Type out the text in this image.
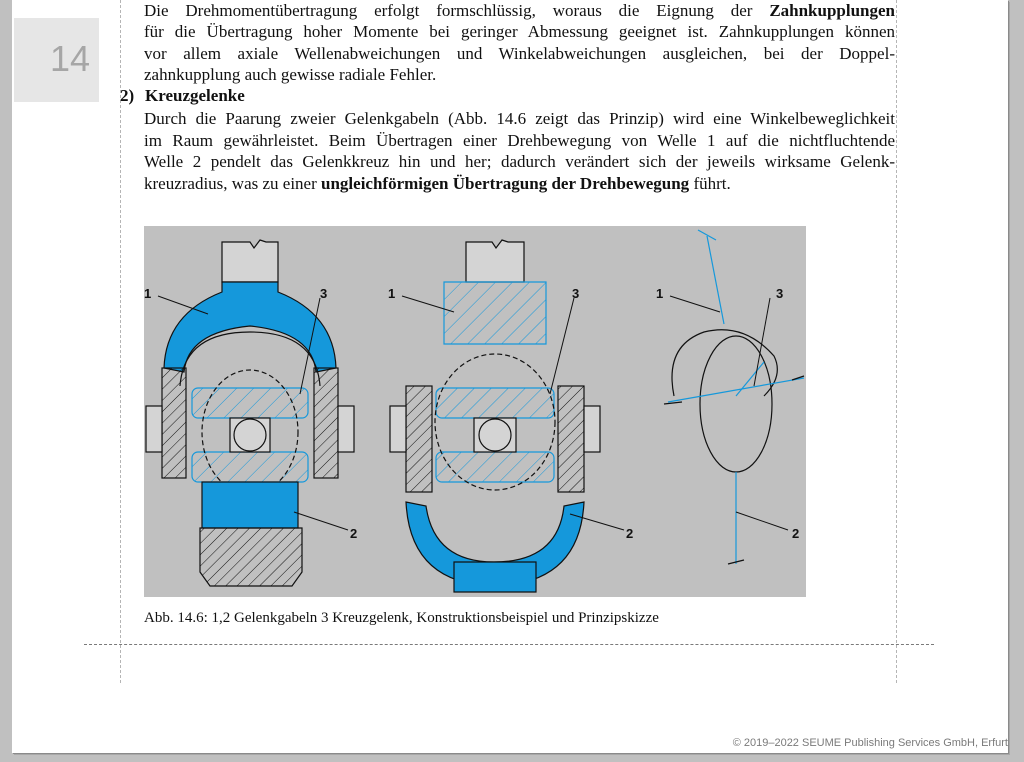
14
Die Drehmomentübertragung erfolgt formschlüssig, woraus die Eignung der Zahnkupplungen
für die Übertragung hoher Momente bei geringer Abmessung geeignet ist. Zahnkupplungen können
vor allem axiale Wellenabweichungen und Winkelabweichungen ausgleichen, bei der Doppel-
zahnkupplung auch gewisse radiale Fehler.
2) Kreuzgelenke
Durch die Paarung zweier Gelenkgabeln (Abb. 14.6 zeigt das Prinzip) wird eine Winkelbeweglichkeit
im Raum gewährleistet. Beim Übertragen einer Drehbewegung von Welle 1 auf die nichtfluchtende
Welle 2 pendelt das Gelenkkreuz hin und her; dadurch verändert sich der jeweils wirksame Gelenk-
kreuzradius, was zu einer ungleichförmigen Übertragung der Drehbewegung führt.
1	3
2
1	3
2
1	3
2
Abb. 14.6: 1,2 Gelenkgabeln 3 Kreuzgelenk, Konstruktionsbeispiel und Prinzipskizze
© 2019–2022 SEUME Publishing Services GmbH, Erfurt
